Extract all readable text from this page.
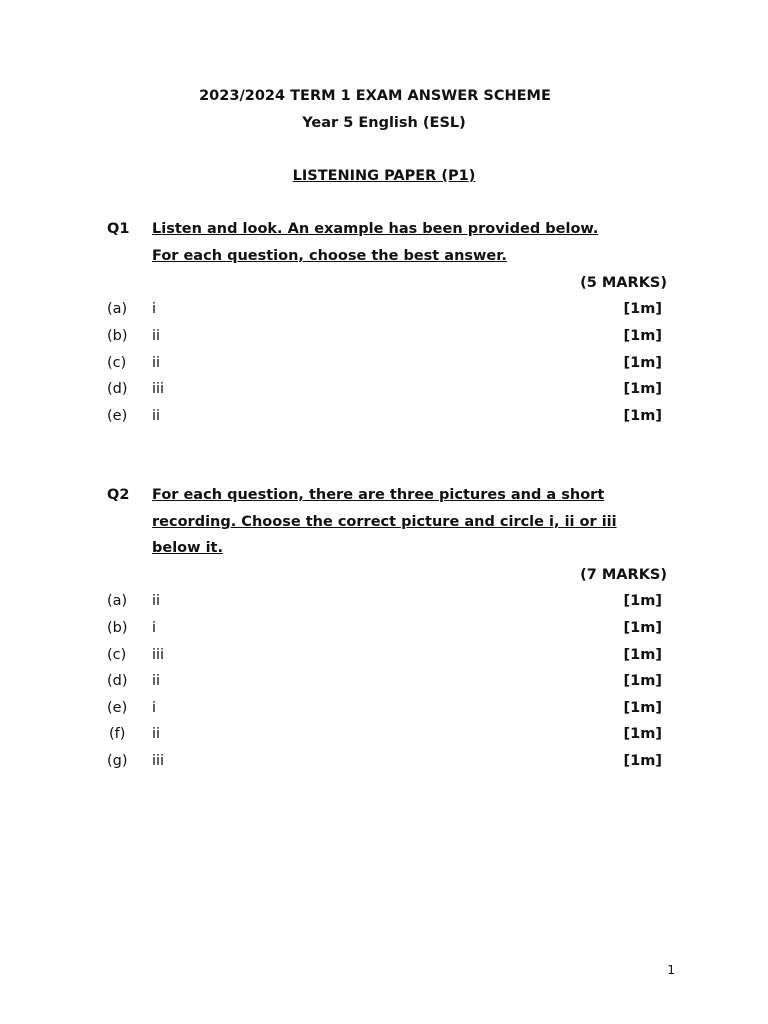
2023/2024 TERM 1 EXAM ANSWER SCHEME
Year 5 English (ESL)
LISTENING PAPER (P1)
Q1 Listen and look. An example has been provided below.
For each question, choose the best answer.
(5 MARKS)
(a) i	[1m]
(b) ii	[1m]
(c) ii	[1m]
(d) iii	[1m]
(e) ii	[1m]
Q2 For each question, there are three pictures and a short
recording. Choose the correct picture and circle i, ii or iii
below it.
(7 MARKS)
(a) ii	[1m]
(b) i	[1m]
(c) iii	[1m]
(d) ii	[1m]
(e) i	[1m]
(f) ii	[1m]
(g) iii	[1m]
1
